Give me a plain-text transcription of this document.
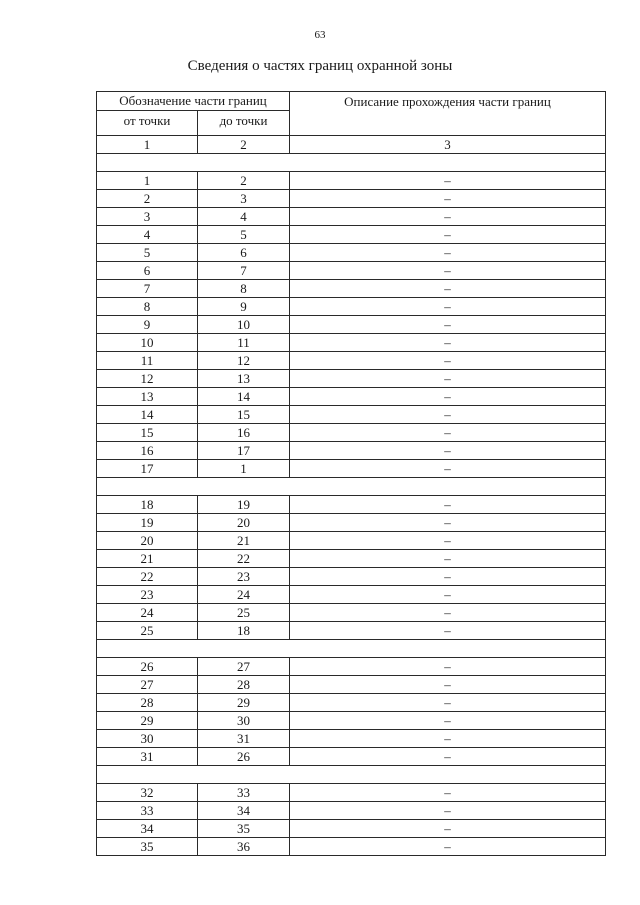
63
Сведения о частях границ охранной зоны
Обозначение части границ		Описание прохождения части границ
от точки	до точки	
1	2	3

1	2	–
2	3	–
3	4	–
4	5	–
5	6	–
6	7	–
7	8	–
8	9	–
9	10	–
10	11	–
11	12	–
12	13	–
13	14	–
14	15	–
15	16	–
16	17	–
17	1	–

18	19	–
19	20	–
20	21	–
21	22	–
22	23	–
23	24	–
24	25	–
25	18	–

26	27	–
27	28	–
28	29	–
29	30	–
30	31	–
31	26	–

32	33	–
33	34	–
34	35	–
35	36	–
